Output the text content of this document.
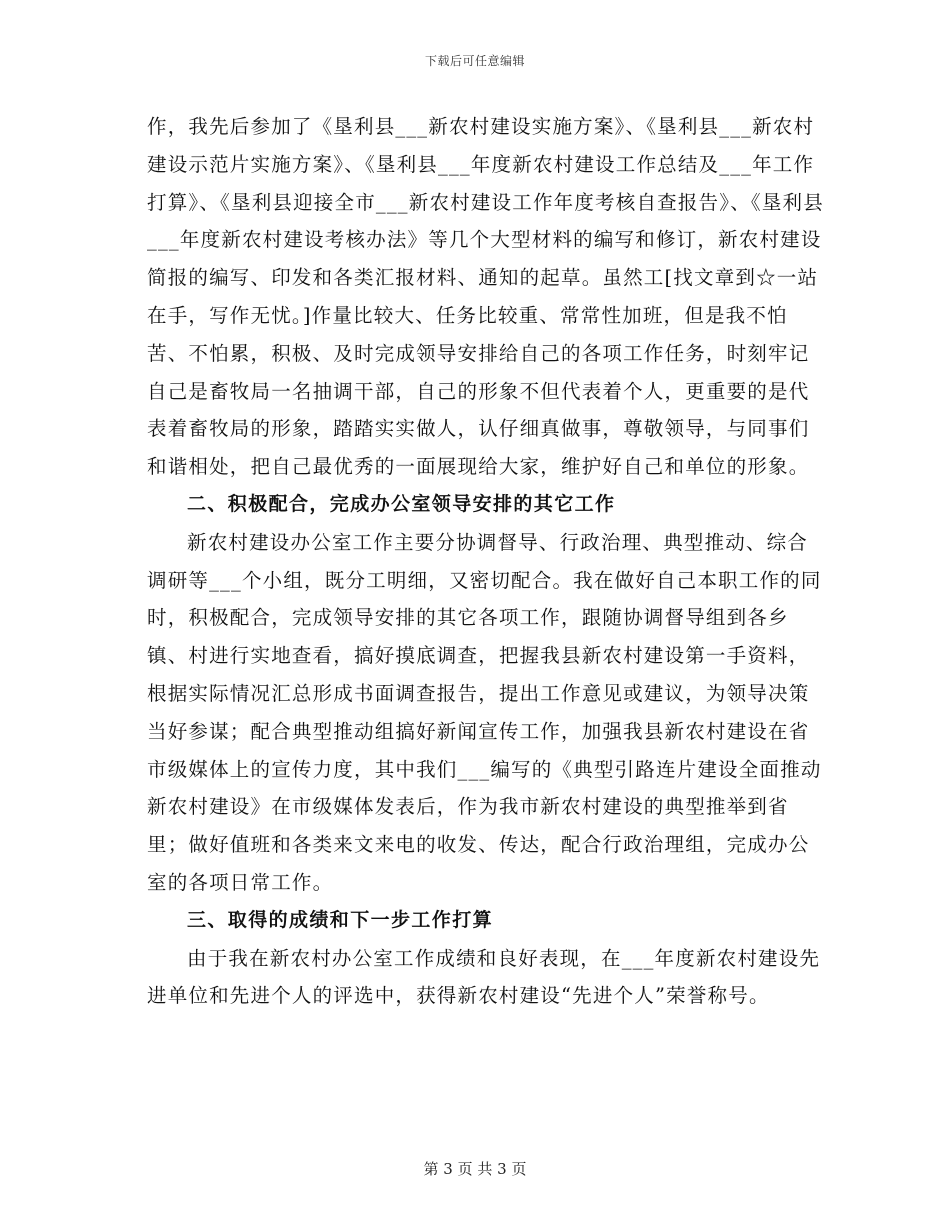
下载后可任意编辑

作，我先后参加了《垦利县___新农村建设实施方案》、《垦利县___新农村建设示范片实施方案》、《垦利县___年度新农村建设工作总结及___年工作打算》、《垦利县迎接全市___新农村建设工作年度考核自查报告》、《垦利县___年度新农村建设考核办法》等几个大型材料的编写和修订，新农村建设简报的编写、印发和各类汇报材料、通知的起草。虽然工[找文章到☆一站在手，写作无忧。]作量比较大、任务比较重、常常性加班，但是我不怕苦、不怕累，积极、及时完成领导安排给自己的各项工作任务，时刻牢记自己是畜牧局一名抽调干部，自己的形象不但代表着个人，更重要的是代表着畜牧局的形象，踏踏实实做人，认仔细真做事，尊敬领导，与同事们和谐相处，把自己最优秀的一面展现给大家，维护好自己和单位的形象。

二、积极配合，完成办公室领导安排的其它工作

新农村建设办公室工作主要分协调督导、行政治理、典型推动、综合调研等___个小组，既分工明细，又密切配合。我在做好自己本职工作的同时，积极配合，完成领导安排的其它各项工作，跟随协调督导组到各乡镇、村进行实地查看，搞好摸底调查，把握我县新农村建设第一手资料，根据实际情况汇总形成书面调查报告，提出工作意见或建议，为领导决策当好参谋；配合典型推动组搞好新闻宣传工作，加强我县新农村建设在省市级媒体上的宣传力度，其中我们___编写的《典型引路连片建设全面推动新农村建设》在市级媒体发表后，作为我市新农村建设的典型推举到省里；做好值班和各类来文来电的收发、传达，配合行政治理组，完成办公室的各项日常工作。

三、取得的成绩和下一步工作打算

由于我在新农村办公室工作成绩和良好表现，在___年度新农村建设先进单位和先进个人的评选中，获得新农村建设“先进个人”荣誉称号。

第 3 页 共 3 页
